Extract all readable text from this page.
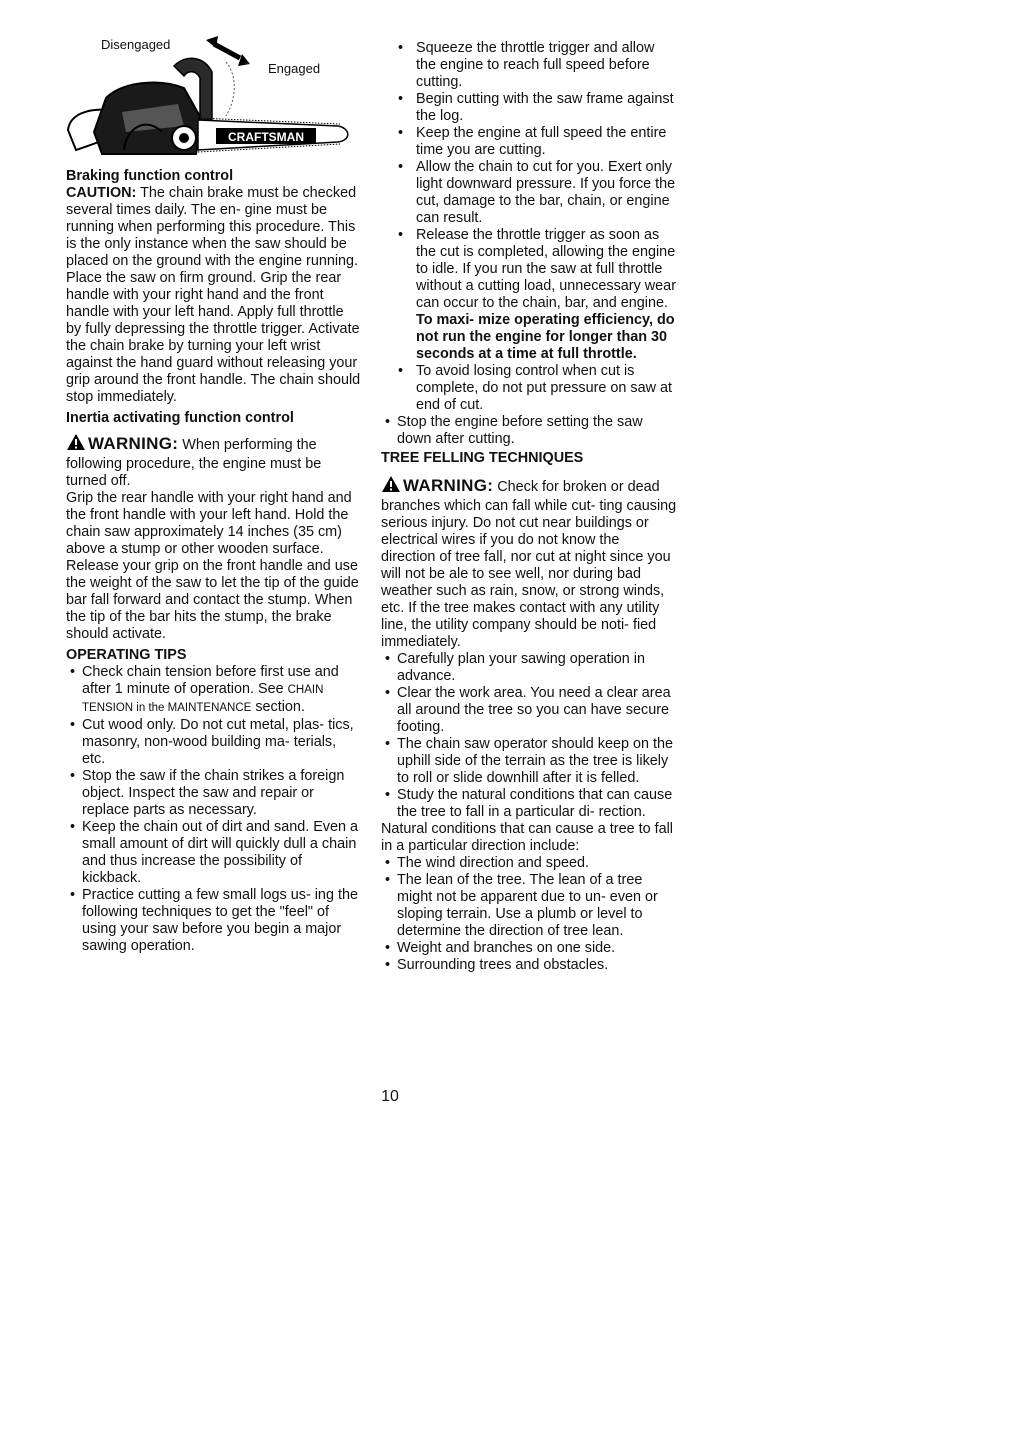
Disengaged
Engaged
CRAFTSMAN

Braking function control

CAUTION: The chain brake must be checked several times daily. The en- gine must be running when performing this procedure. This is the only instance when the saw should be placed on the ground with the engine running.

Place the saw on firm ground. Grip the rear handle with your right hand and the front handle with your left hand. Apply full throttle by fully depressing the throttle trigger. Activate the chain brake by turning your left wrist against the hand guard without releasing your grip around the front handle. The chain should stop immediately.

Inertia activating function control

WARNING: When performing the following procedure, the engine must be turned off.

Grip the rear handle with your right hand and the front handle with your left hand. Hold the chain saw approximately 14 inches (35 cm) above a stump or other wooden surface. Release your grip on the front handle and use the weight of the saw to let the tip of the guide bar fall forward and contact the stump. When the tip of the bar hits the stump, the brake should activate.

OPERATING TIPS

• Check chain tension before first use and after 1 minute of operation. See CHAIN TENSION in the MAINTENANCE section.
• Cut wood only. Do not cut metal, plas- tics, masonry, non-wood building ma- terials, etc.
• Stop the saw if the chain strikes a foreign object. Inspect the saw and repair or replace parts as necessary.
• Keep the chain out of dirt and sand. Even a small amount of dirt will quickly dull a chain and thus increase the possibility of kickback.
• Practice cutting a few small logs us- ing the following techniques to get the "feel" of using your saw before you begin a major sawing operation.
• Squeeze the throttle trigger and allow the engine to reach full speed before cutting.
• Begin cutting with the saw frame against the log.
• Keep the engine at full speed the entire time you are cutting.
• Allow the chain to cut for you. Exert only light downward pressure. If you force the cut, damage to the bar, chain, or engine can result.
• Release the throttle trigger as soon as the cut is completed, allowing the engine to idle. If you run the saw at full throttle without a cutting load, unnecessary wear can occur to the chain, bar, and engine. To maxi- mize operating efficiency, do not run the engine for longer than 30 seconds at a time at full throttle.
• To avoid losing control when cut is complete, do not put pressure on saw at end of cut.
• Stop the engine before setting the saw down after cutting.

TREE FELLING TECHNIQUES

WARNING: Check for broken or dead branches which can fall while cut- ting causing serious injury. Do not cut near buildings or electrical wires if you do not know the direction of tree fall, nor cut at night since you will not be ale to see well, nor during bad weather such as rain, snow, or strong winds, etc. If the tree makes contact with any utility line, the utility company should be noti- fied immediately.

• Carefully plan your sawing operation in advance.
• Clear the work area. You need a clear area all around the tree so you can have secure footing.
• The chain saw operator should keep on the uphill side of the terrain as the tree is likely to roll or slide downhill after it is felled.
• Study the natural conditions that can cause the tree to fall in a particular di- rection.

Natural conditions that can cause a tree to fall in a particular direction include:

• The wind direction and speed.
• The lean of the tree. The lean of a tree might not be apparent due to un- even or sloping terrain. Use a plumb or level to determine the direction of tree lean.
• Weight and branches on one side.
• Surrounding trees and obstacles.
10
